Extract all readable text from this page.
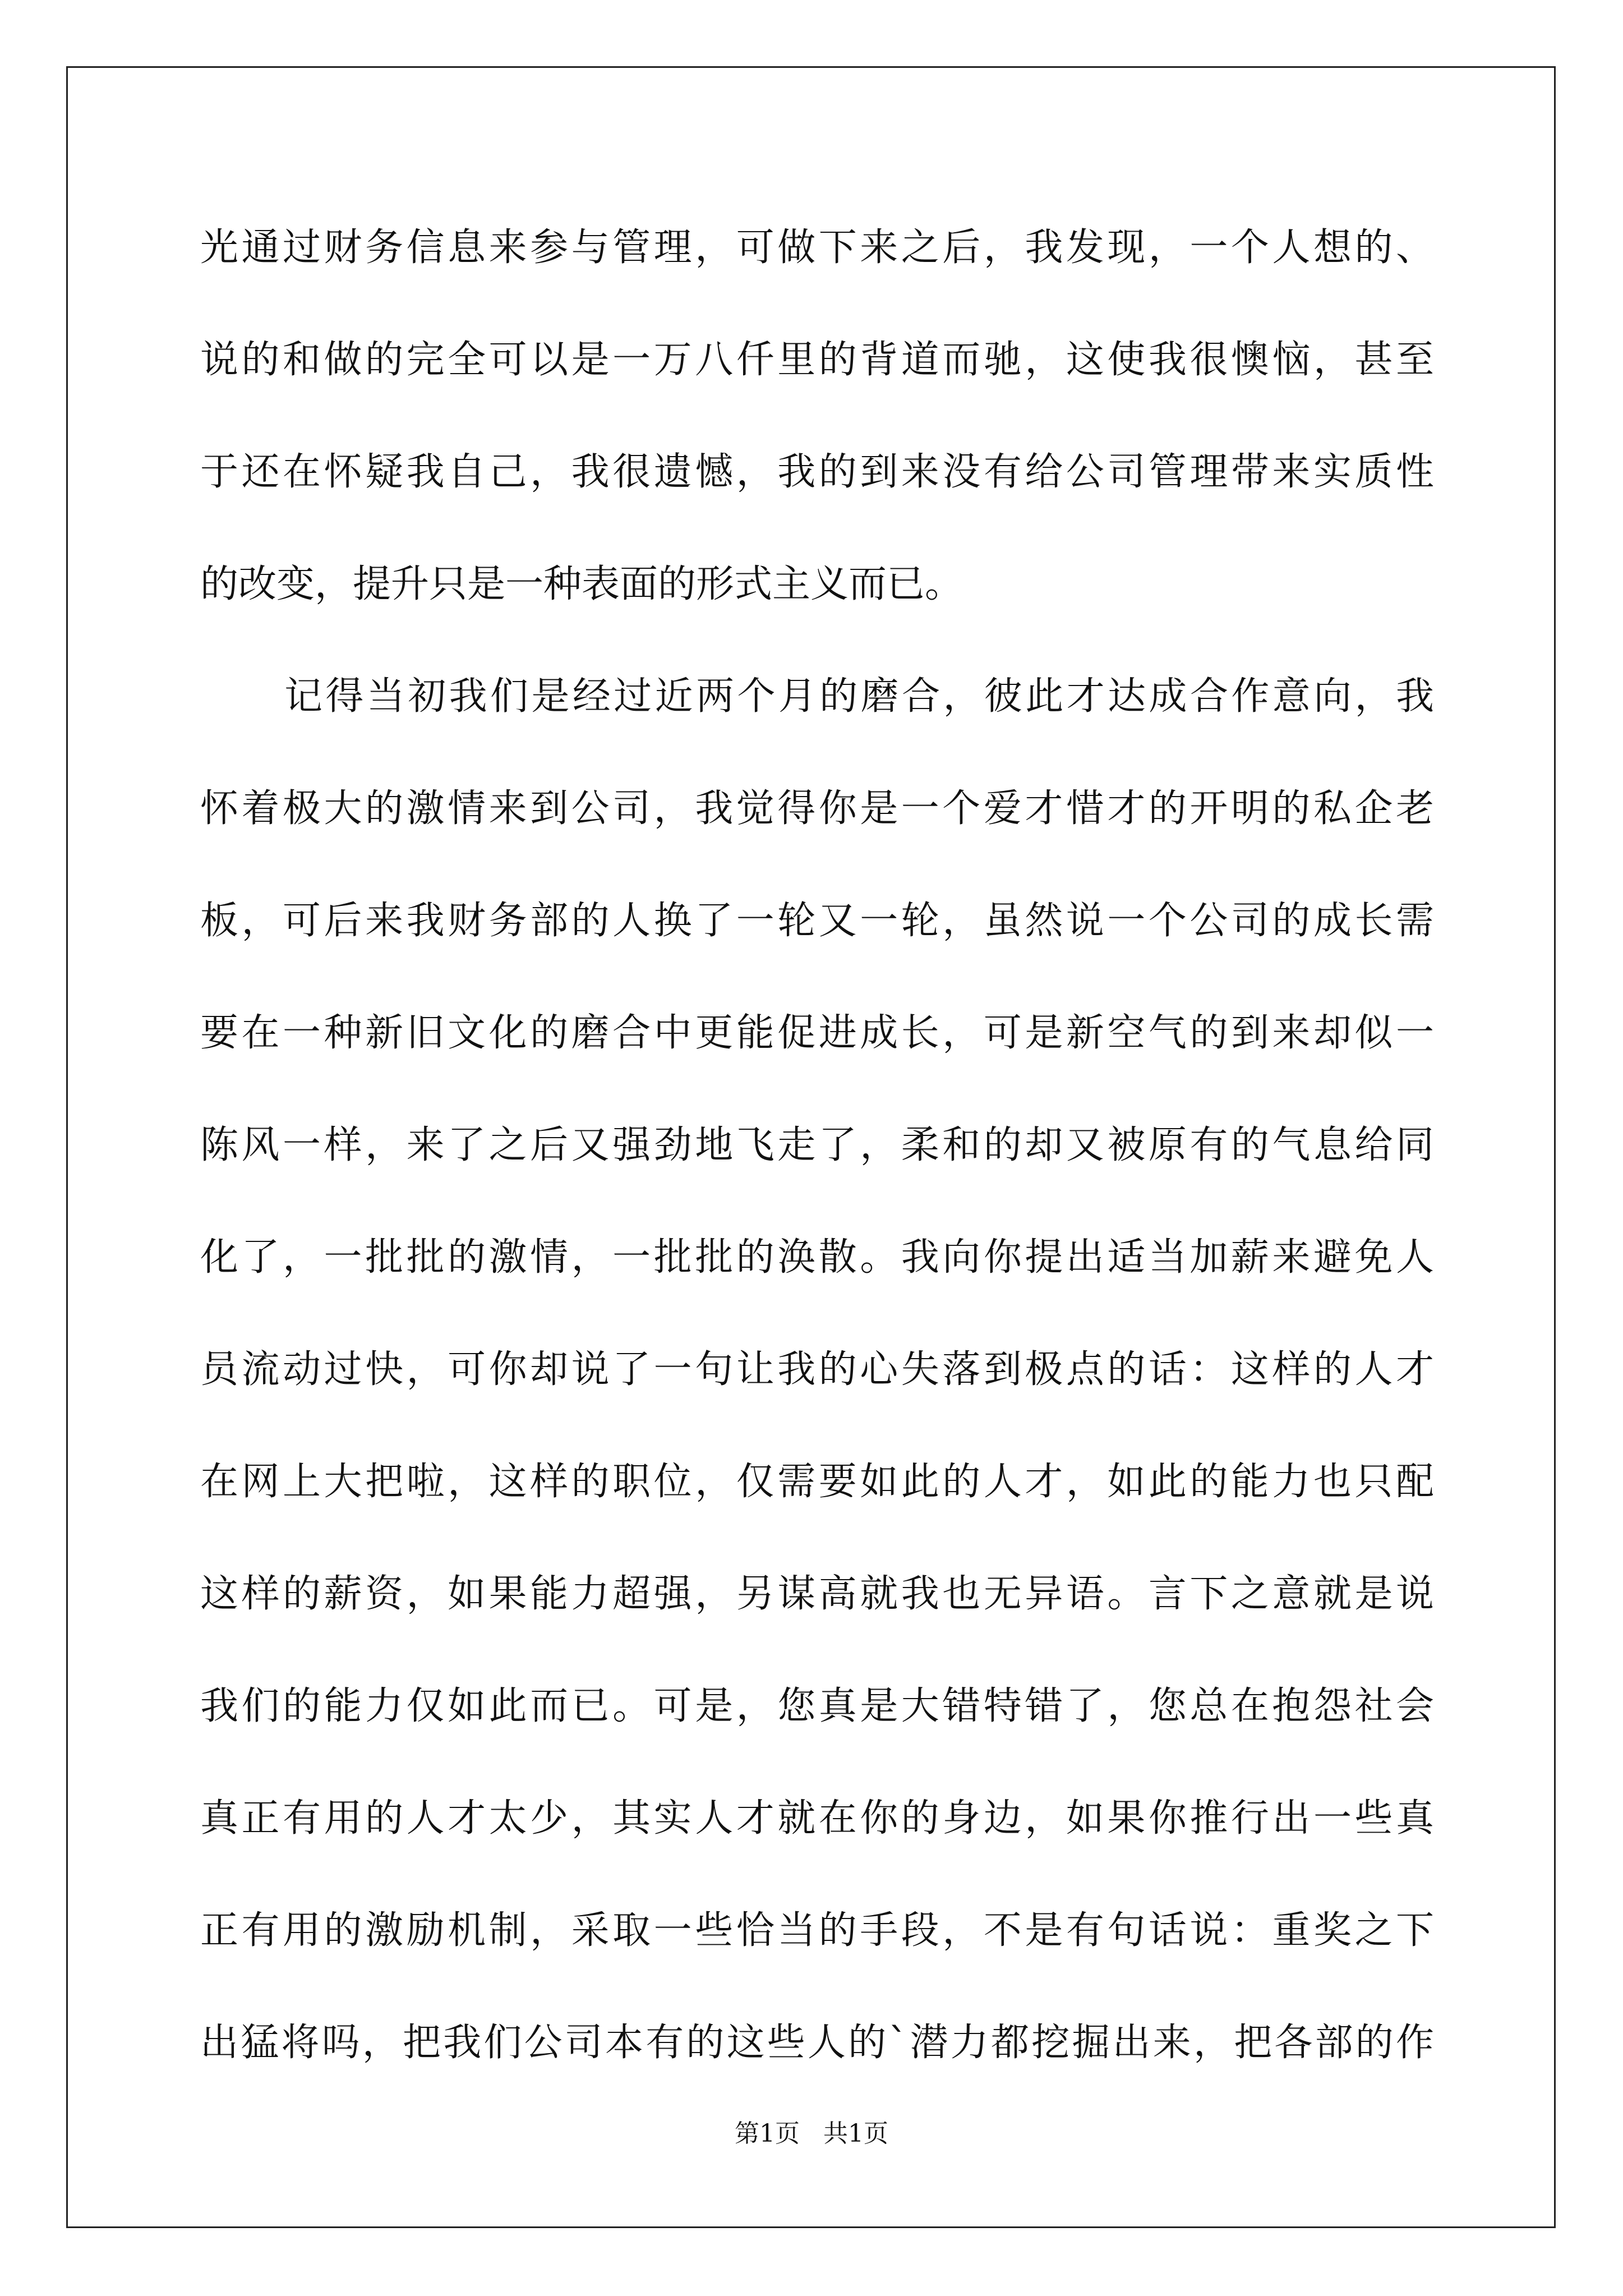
光通过财务信息来参与管理，可做下来之后，我发现，一个人想的、
说的和做的完全可以是一万八仟里的背道而驰，这使我很懊恼，甚至
于还在怀疑我自己，我很遗憾，我的到来没有给公司管理带来实质性
的改变，提升只是一种表面的形式主义而已。
记得当初我们是经过近两个月的磨合，彼此才达成合作意向，我
怀着极大的激情来到公司，我觉得你是一个爱才惜才的开明的私企老
板，可后来我财务部的人换了一轮又一轮，虽然说一个公司的成长需
要在一种新旧文化的磨合中更能促进成长，可是新空气的到来却似一
陈风一样，来了之后又强劲地飞走了，柔和的却又被原有的气息给同
化了，一批批的激情，一批批的涣散。我向你提出适当加薪来避免人
员流动过快，可你却说了一句让我的心失落到极点的话：这样的人才
在网上大把啦，这样的职位，仅需要如此的人才，如此的能力也只配
这样的薪资，如果能力超强，另谋高就我也无异语。言下之意就是说
我们的能力仅如此而已。可是，您真是大错特错了，您总在抱怨社会
真正有用的人才太少，其实人才就在你的身边，如果你推行出一些真
正有用的激励机制，采取一些恰当的手段，不是有句话说：重奖之下
出猛将吗，把我们公司本有的这些人的`潜力都挖掘出来，把各部的作
第1页   共1页
